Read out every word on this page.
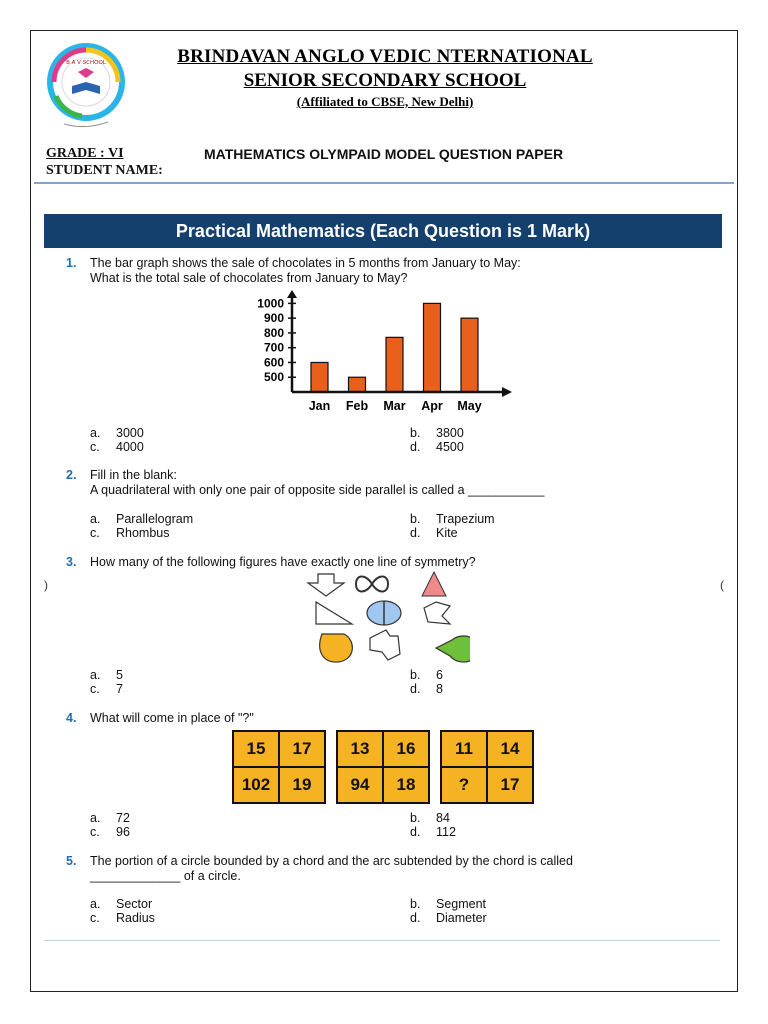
B A V SCHOOL	BRINDAVAN ANGLO VEDIC NTERNATIONAL
SENIOR SECONDARY SCHOOL
(Affiliated to CBSE, New Delhi)
GRADE : VI
STUDENT NAME:
MATHEMATICS OLYMPAID MODEL QUESTION PAPER
Practical Mathematics (Each Question is 1 Mark)
1. The bar graph shows the sale of chocolates in 5 months from January to May:
What is the total sale of chocolates from January to May?
500
600
700
800
900
1000
Jan Feb Mar Apr May
a. 3000	b. 3800
c. 4000	d. 4500
2. Fill in the blank:
A quadrilateral with only one pair of opposite side parallel is called a ___________
a. Parallelogram	b. Trapezium
c. Rhombus	d. Kite
3. How many of the following figures have exactly one line of symmetry?
)	(
a. 5	b. 6
c. 7	d. 8
4. What will come in place of "?"
15	17
102	19
13	16
94	18
11	14
?	17
a. 72	b. 84
c. 96	d. 112
5. The portion of a circle bounded by a chord and the arc subtended by the chord is called
_____________ of a circle.
a. Sector	b. Segment
c. Radius	d. Diameter
